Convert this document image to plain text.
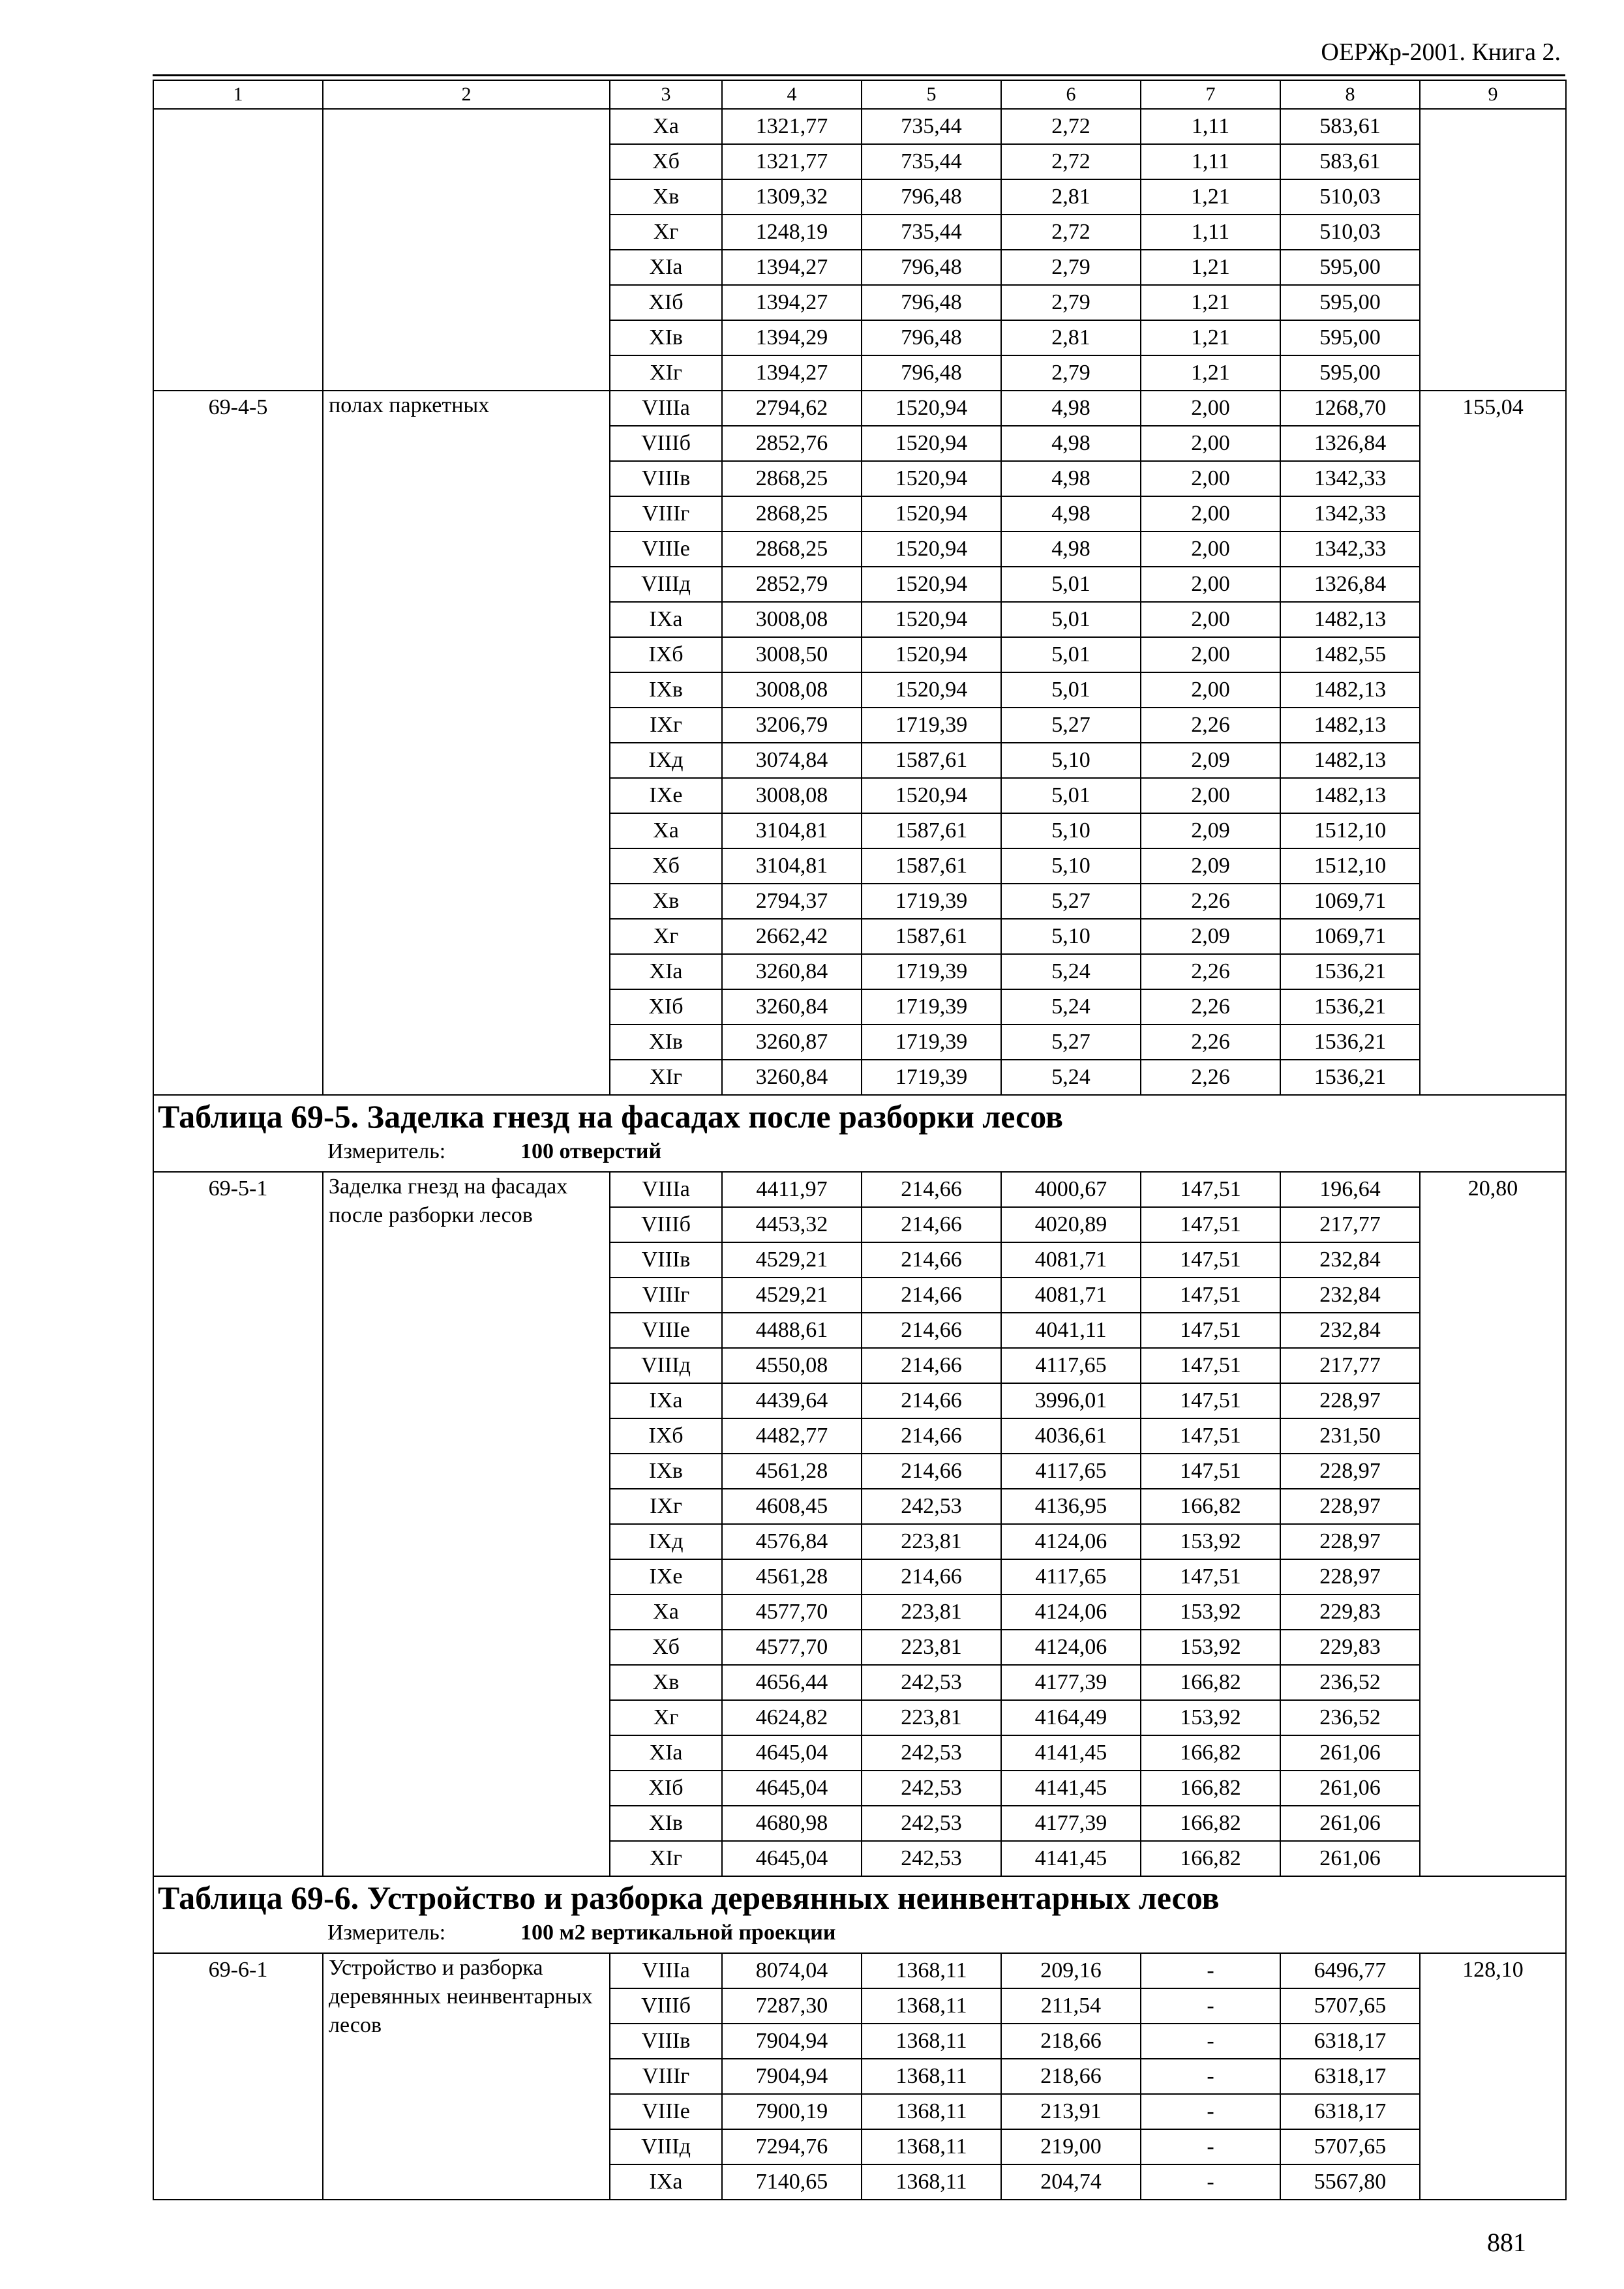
ОЕРЖр-2001. Книга 2.
1	2	3	4	5	6	7	8	9
		Xa	1321,77	735,44	2,72	1,11	583,61	
		Xб	1321,77	735,44	2,72	1,11	583,61	
		Xв	1309,32	796,48	2,81	1,21	510,03	
		Xг	1248,19	735,44	2,72	1,11	510,03	
		XIa	1394,27	796,48	2,79	1,21	595,00	
		XIб	1394,27	796,48	2,79	1,21	595,00	
		XIв	1394,29	796,48	2,81	1,21	595,00	
		XIг	1394,27	796,48	2,79	1,21	595,00	
69-4-5	полах паркетных	VIIIa	2794,62	1520,94	4,98	2,00	1268,70	155,04
		VIIIб	2852,76	1520,94	4,98	2,00	1326,84	
		VIIIв	2868,25	1520,94	4,98	2,00	1342,33	
		VIIIг	2868,25	1520,94	4,98	2,00	1342,33	
		VIIIe	2868,25	1520,94	4,98	2,00	1342,33	
		VIIIд	2852,79	1520,94	5,01	2,00	1326,84	
		IXa	3008,08	1520,94	5,01	2,00	1482,13	
		IXб	3008,50	1520,94	5,01	2,00	1482,55	
		IXв	3008,08	1520,94	5,01	2,00	1482,13	
		IXг	3206,79	1719,39	5,27	2,26	1482,13	
		IXд	3074,84	1587,61	5,10	2,09	1482,13	
		IXe	3008,08	1520,94	5,01	2,00	1482,13	
		Xa	3104,81	1587,61	5,10	2,09	1512,10	
		Xб	3104,81	1587,61	5,10	2,09	1512,10	
		Xв	2794,37	1719,39	5,27	2,26	1069,71	
		Xг	2662,42	1587,61	5,10	2,09	1069,71	
		XIa	3260,84	1719,39	5,24	2,26	1536,21	
		XIб	3260,84	1719,39	5,24	2,26	1536,21	
		XIв	3260,87	1719,39	5,27	2,26	1536,21	
		XIг	3260,84	1719,39	5,24	2,26	1536,21	

Таблица 69-5. Заделка гнезд на фасадах после разборки лесов
Измеритель: 100 отверстий								

69-5-1	Заделка гнезд на фасадах после разборки лесов	VIIIa	4411,97	214,66	4000,67	147,51	196,64	20,80
		VIIIб	4453,32	214,66	4020,89	147,51	217,77	
		VIIIв	4529,21	214,66	4081,71	147,51	232,84	
		VIIIг	4529,21	214,66	4081,71	147,51	232,84	
		VIIIe	4488,61	214,66	4041,11	147,51	232,84	
		VIIIд	4550,08	214,66	4117,65	147,51	217,77	
		IXa	4439,64	214,66	3996,01	147,51	228,97	
		IXб	4482,77	214,66	4036,61	147,51	231,50	
		IXв	4561,28	214,66	4117,65	147,51	228,97	
		IXг	4608,45	242,53	4136,95	166,82	228,97	
		IXд	4576,84	223,81	4124,06	153,92	228,97	
		IXe	4561,28	214,66	4117,65	147,51	228,97	
		Xa	4577,70	223,81	4124,06	153,92	229,83	
		Xб	4577,70	223,81	4124,06	153,92	229,83	
		Xв	4656,44	242,53	4177,39	166,82	236,52	
		Xг	4624,82	223,81	4164,49	153,92	236,52	
		XIa	4645,04	242,53	4141,45	166,82	261,06	
		XIб	4645,04	242,53	4141,45	166,82	261,06	
		XIв	4680,98	242,53	4177,39	166,82	261,06	
		XIг	4645,04	242,53	4141,45	166,82	261,06	

Таблица 69-6. Устройство и разборка деревянных неинвентарных лесов
Измеритель: 100 м2 вертикальной проекции								

69-6-1	Устройство и разборка деревянных неинвентарных лесов	VIIIa	8074,04	1368,11	209,16	-	6496,77	128,10
		VIIIб	7287,30	1368,11	211,54	-	5707,65	
		VIIIв	7904,94	1368,11	218,66	-	6318,17	
		VIIIг	7904,94	1368,11	218,66	-	6318,17	
		VIIIe	7900,19	1368,11	213,91	-	6318,17	
		VIIIд	7294,76	1368,11	219,00	-	5707,65	
		IXa	7140,65	1368,11	204,74	-	5567,80	
881
